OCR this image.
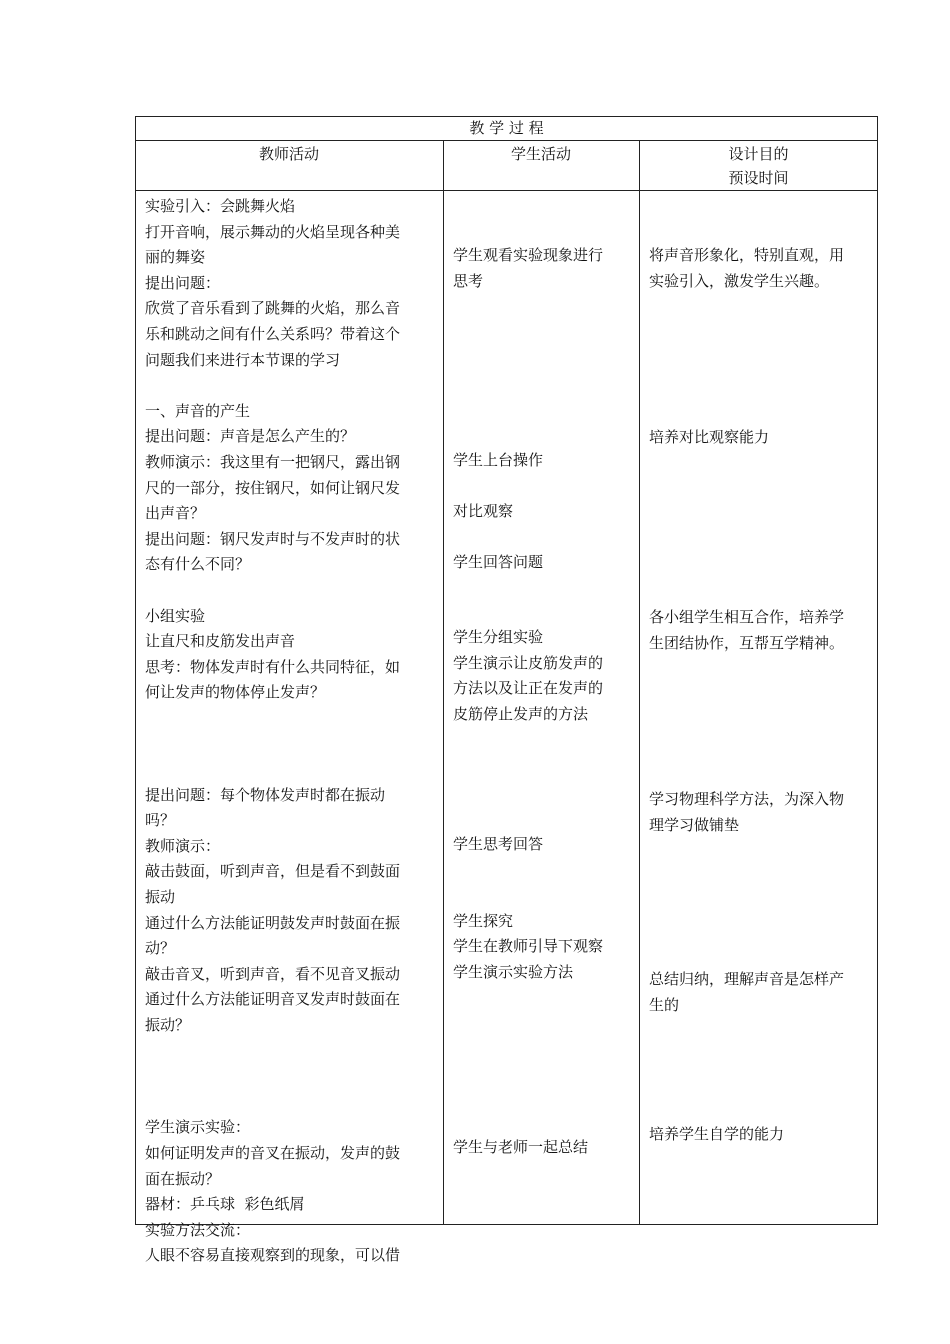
教 学 过 程
教师活动	学生活动	设计目的
预设时间
实验引入：会跳舞火焰
打开音响，展示舞动的火焰呈现各种美
丽的舞姿
提出问题：
欣赏了音乐看到了跳舞的火焰，那么音
乐和跳动之间有什么关系吗？带着这个
问题我们来进行本节课的学习

一、声音的产生
提出问题：声音是怎么产生的？
教师演示：我这里有一把钢尺，露出钢
尺的一部分，按住钢尺，如何让钢尺发
出声音？
提出问题：钢尺发声时与不发声时的状
态有什么不同？

小组实验
让直尺和皮筋发出声音
思考：物体发声时有什么共同特征，如
何让发声的物体停止发声？

提出问题：每个物体发声时都在振动
吗？
教师演示：
敲击鼓面，听到声音，但是看不到鼓面
振动
通过什么方法能证明鼓发声时鼓面在振
动？
敲击音叉，听到声音，看不见音叉振动
通过什么方法能证明音叉发声时鼓面在
振动？

学生演示实验：
如何证明发声的音叉在振动，发声的鼓
面在振动？
器材：乒乓球  彩色纸屑
实验方法交流：
人眼不容易直接观察到的现象，可以借
学生观看实验现象进行
思考
学生上台操作

对比观察

学生回答问题
学生分组实验
学生演示让皮筋发声的
方法以及让正在发声的
皮筋停止发声的方法
学生思考回答

学生探究
学生在教师引导下观察
学生演示实验方法
学生与老师一起总结
将声音形象化，特别直观，用
实验引入，激发学生兴趣。
培养对比观察能力
各小组学生相互合作，培养学
生团结协作，互帮互学精神。
学习物理科学方法，为深入物
理学习做铺垫
总结归纳，理解声音是怎样产
生的
培养学生自学的能力
